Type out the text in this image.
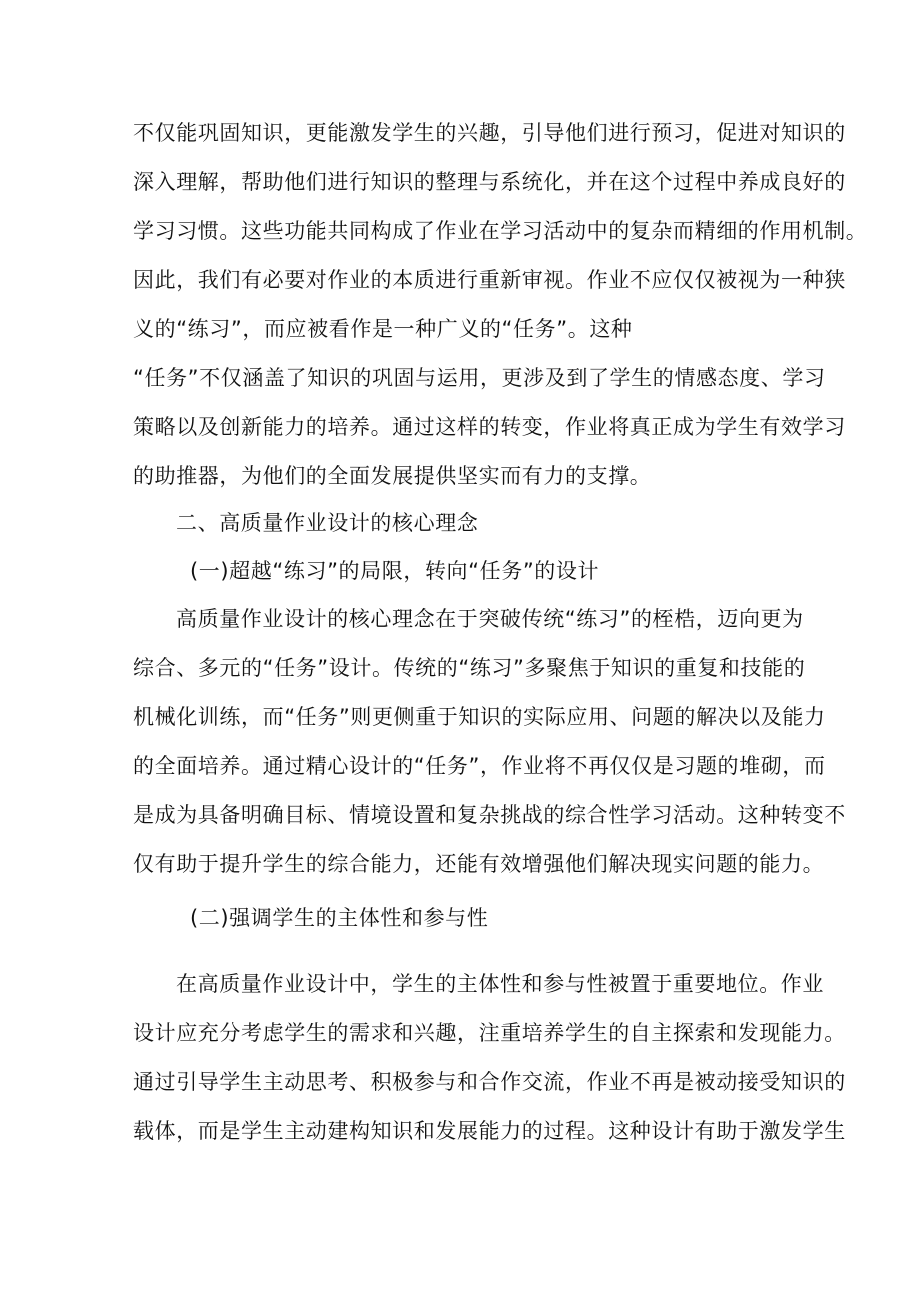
不仅能巩固知识，更能激发学生的兴趣，引导他们进行预习，促进对知识的
深入理解，帮助他们进行知识的整理与系统化，并在这个过程中养成良好的
学习习惯。这些功能共同构成了作业在学习活动中的复杂而精细的作用机制。
因此，我们有必要对作业的本质进行重新审视。作业不应仅仅被视为一种狭
义的“练习”，而应被看作是一种广义的“任务”。这种
“任务”不仅涵盖了知识的巩固与运用，更涉及到了学生的情感态度、学习
策略以及创新能力的培养。通过这样的转变，作业将真正成为学生有效学习
的助推器，为他们的全面发展提供坚实而有力的支撑。
二、高质量作业设计的核心理念
(一)超越“练习”的局限，转向“任务”的设计
高质量作业设计的核心理念在于突破传统“练习”的桎梏，迈向更为
综合、多元的“任务”设计。传统的“练习”多聚焦于知识的重复和技能的
机械化训练，而“任务”则更侧重于知识的实际应用、问题的解决以及能力
的全面培养。通过精心设计的“任务”，作业将不再仅仅是习题的堆砌，而
是成为具备明确目标、情境设置和复杂挑战的综合性学习活动。这种转变不
仅有助于提升学生的综合能力，还能有效增强他们解决现实问题的能力。
(二)强调学生的主体性和参与性
在高质量作业设计中，学生的主体性和参与性被置于重要地位。作业
设计应充分考虑学生的需求和兴趣，注重培养学生的自主探索和发现能力。
通过引导学生主动思考、积极参与和合作交流，作业不再是被动接受知识的
载体，而是学生主动建构知识和发展能力的过程。这种设计有助于激发学生
